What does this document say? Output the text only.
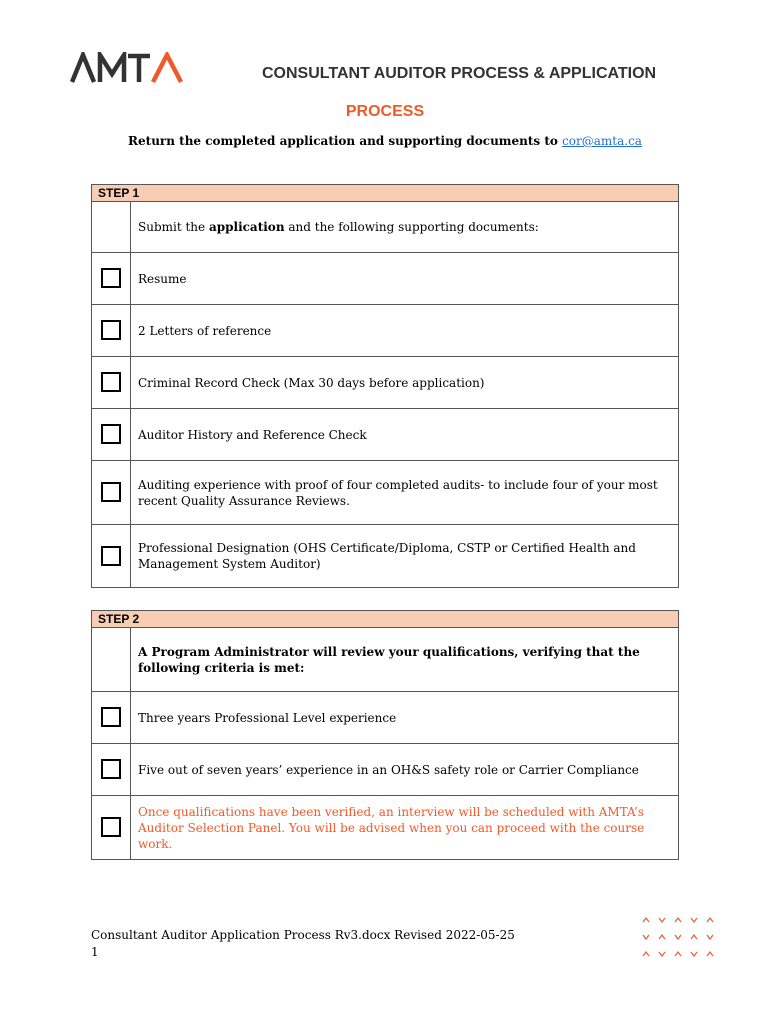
CONSULTANT AUDITOR PROCESS & APPLICATION
PROCESS
Return the completed application and supporting documents to cor@amta.ca
STEP 1	
	Submit the application and the following supporting documents:
	Resume
	2 Letters of reference
	Criminal Record Check (Max 30 days before application)
	Auditor History and Reference Check
	Auditing experience with proof of four completed audits- to include four of your most recent Quality Assurance Reviews.
	Professional Designation (OHS Certificate/Diploma, CSTP or Certified Health and Management System Auditor)
STEP 2	
	A Program Administrator will review your qualifications, verifying that the following criteria is met:
	Three years Professional Level experience
	Five out of seven years’ experience in an OH&S safety role or Carrier Compliance
	Once qualifications have been verified, an interview will be scheduled with AMTA’s Auditor Selection Panel. You will be advised when you can proceed with the course work.
Consultant Auditor Application Process Rv3.docx Revised 2022-05-25
1
